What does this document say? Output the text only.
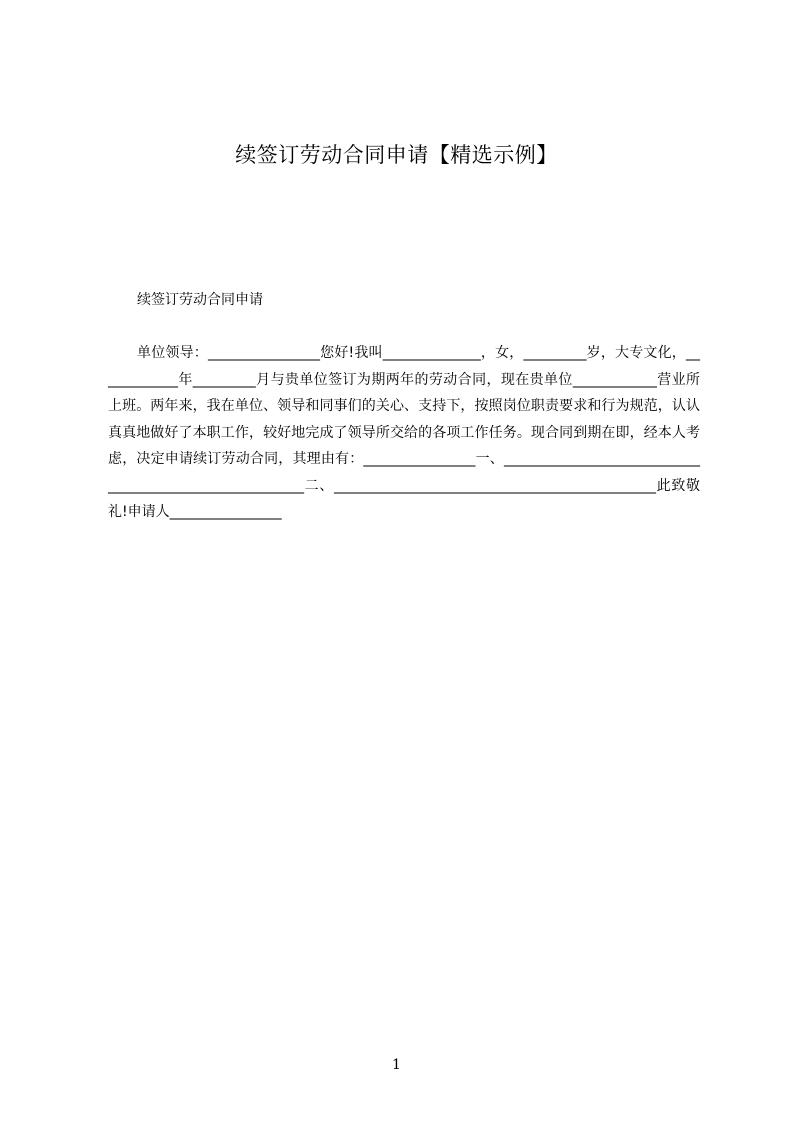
续签订劳动合同申请【精选示例】
续签订劳动合同申请

单位领导：________________您好!我叫______________，女，_________岁，大专文化，____________年_________月与贵单位签订为期两年的劳动合同，现在贵单位____________营业所上班。两年来，我在单位、领导和同事们的关心、支持下，按照岗位职责要求和行为规范，认认真真地做好了本职工作，较好地完成了领导所交给的各项工作任务。现合同到期在即，经本人考虑，决定申请续订劳动合同，其理由有：________________一、________________________________________________________二、______________________________________________此致敬礼!申请人________________

1
